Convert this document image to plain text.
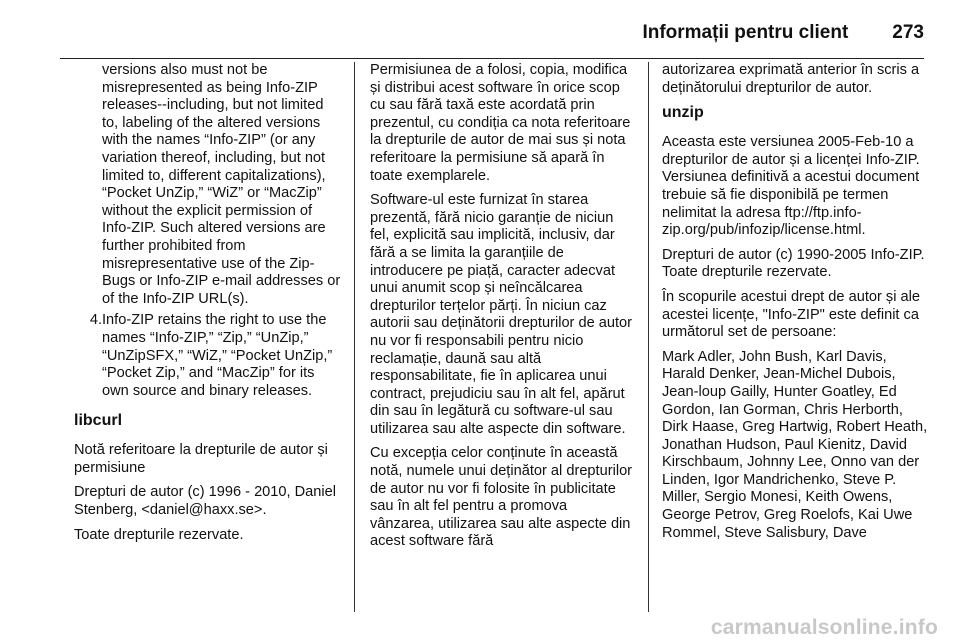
Informații pentru client 273

versions also must not be misrepresented as being Info-ZIP releases--including, but not limited to, labeling of the altered versions with the names “Info-ZIP” (or any variation thereof, including, but not limited to, different capitalizations), “Pocket UnZip,” “WiZ” or “MacZip” without the explicit permission of Info-ZIP. Such altered versions are further prohibited from misrepresentative use of the Zip-Bugs or Info-ZIP e-mail addresses or of the Info-ZIP URL(s).

4. Info-ZIP retains the right to use the names “Info-ZIP,” “Zip,” “UnZip,” “UnZipSFX,” “WiZ,” “Pocket UnZip,” “Pocket Zip,” and “MacZip” for its own source and binary releases.
libcurl

Notă referitoare la drepturile de autor și permisiune

Drepturi de autor (c) 1996 - 2010, Daniel Stenberg, <daniel@haxx.se>.

Toate drepturile rezervate.

Permisiunea de a folosi, copia, modifica și distribui acest software în orice scop cu sau fără taxă este acordată prin prezentul, cu condiția ca nota referitoare la drepturile de autor de mai sus și nota referitoare la permisiune să apară în toate exemplarele.

Software-ul este furnizat în starea prezentă, fără nicio garanție de niciun fel, explicită sau implicită, inclusiv, dar fără a se limita la garanțiile de introducere pe piață, caracter adecvat unui anumit scop și neîncălcarea drepturilor terțelor părți. În niciun caz autorii sau deținătorii drepturilor de autor nu vor fi responsabili pentru nicio reclamație, daună sau altă responsabilitate, fie în aplicarea unui contract, prejudiciu sau în alt fel, apărut din sau în legătură cu software-ul sau utilizarea sau alte aspecte din software.

Cu excepția celor conținute în această notă, numele unui deținător al drepturilor de autor nu vor fi folosite în publicitate sau în alt fel pentru a promova vânzarea, utilizarea sau alte aspecte din acest software fără

autorizarea exprimată anterior în scris a deținătorului drepturilor de autor.

unzip

Aceasta este versiunea 2005-Feb-10 a drepturilor de autor și a licenței Info-ZIP. Versiunea definitivă a acestui document trebuie să fie disponibilă pe termen nelimitat la adresa ftp://ftp.info-zip.org/pub/infozip/license.html.

Drepturi de autor (c) 1990-2005 Info-ZIP. Toate drepturile rezervate.

În scopurile acestui drept de autor și ale acestei licențe, "Info-ZIP" este definit ca următorul set de persoane:

Mark Adler, John Bush, Karl Davis, Harald Denker, Jean-Michel Dubois, Jean-loup Gailly, Hunter Goatley, Ed Gordon, Ian Gorman, Chris Herborth, Dirk Haase, Greg Hartwig, Robert Heath, Jonathan Hudson, Paul Kienitz, David Kirschbaum, Johnny Lee, Onno van der Linden, Igor Mandrichenko, Steve P. Miller, Sergio Monesi, Keith Owens, George Petrov, Greg Roelofs, Kai Uwe Rommel, Steve Salisbury, Dave

carmanualsonline.info
